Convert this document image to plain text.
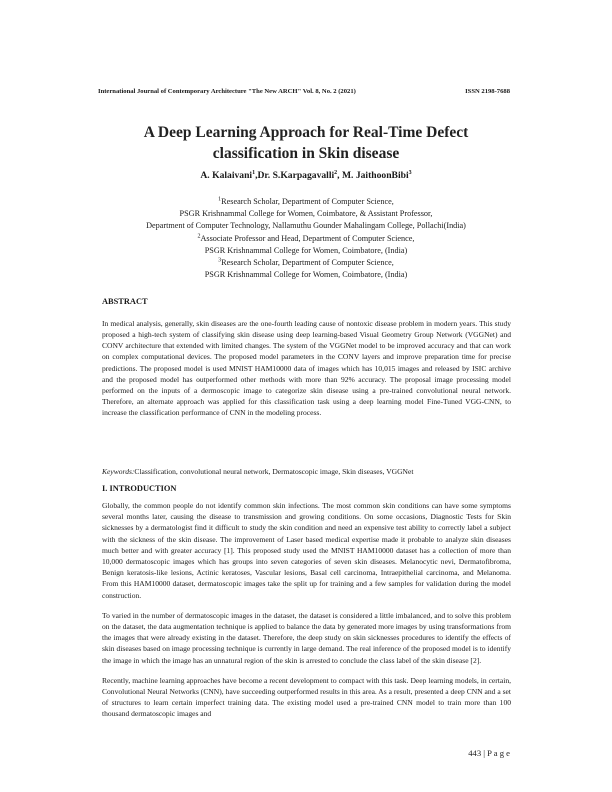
International Journal of Contemporary Architecture "The New ARCH" Vol. 8, No. 2 (2021)	ISSN 2198-7688
A Deep Learning Approach for Real-Time Defect
classification in Skin disease
A. Kalaivani$^1$,Dr. S.Karpagavalli$^2$, M. JaithoonBibi$^3$
$^1$Research Scholar, Department of Computer Science,
PSGR Krishnammal College for Women, Coimbatore, & Assistant Professor,
Department of Computer Technology, Nallamuthu Gounder Mahalingam College, Pollachi(India)
$^2$Associate Professor and Head, Department of Computer Science,
PSGR Krishnammal College for Women, Coimbatore, (India)
$^3$Research Scholar, Department of Computer Science,
PSGR Krishnammal College for Women, Coimbatore, (India)
ABSTRACT
In medical analysis, generally, skin diseases are the one-fourth leading cause of nontoxic disease problem in modern years. This study proposed a high-tech system of classifying skin disease using deep learning-based Visual Geometry Group Network (VGGNet) and CONV architecture that extended with limited changes. The system of the VGGNet model to be improved accuracy and that can work on complex computational devices. The proposed model parameters in the CONV layers and improve preparation time for precise predictions. The proposed model is used MNIST HAM10000 data of images which has 10,015 images and released by ISIC archive and the proposed model has outperformed other methods with more than 92% accuracy. The proposal image processing model performed on the inputs of a dermoscopic image to categorize skin disease using a pre-trained convolutional neural network. Therefore, an alternate approach was applied for this classification task using a deep learning model Fine-Tuned VGG-CNN, to increase the classification performance of CNN in the modeling process.
Keywords:Classification, convolutional neural network, Dermatoscopic image, Skin diseases, VGGNet
I. INTRODUCTION

Globally, the common people do not identify common skin infections. The most common skin conditions can have some symptoms several months later, causing the disease to transmission and growing conditions. On some occasions, Diagnostic Tests for Skin sicknesses by a dermatologist find it difficult to study the skin condition and need an expensive test ability to correctly label a subject with the sickness of the skin disease. The improvement of Laser based medical expertise made it probable to analyze skin diseases much better and with greater accuracy [1]. This proposed study used the MNIST HAM10000 dataset has a collection of more than 10,000 dermatoscopic images which has groups into seven categories of seven skin diseases. Melanocytic nevi, Dermatofibroma, Benign keratosis-like lesions, Actinic keratoses, Vascular lesions, Basal cell carcinoma, Intraepithelial carcinoma, and Melanoma. From this HAM10000 dataset, dermatoscopic images take the split up for training and a few samples for validation during the model construction.

To varied in the number of dermatoscopic images in the dataset, the dataset is considered a little imbalanced, and to solve this problem on the dataset, the data augmentation technique is applied to balance the data by generated more images by using transformations from the images that were already existing in the dataset. Therefore, the deep study on skin sicknesses procedures to identify the effects of skin diseases based on image processing technique is currently in large demand. The real inference of the proposed model is to identify the image in which the image has an unnatural region of the skin is arrested to conclude the class label of the skin disease [2].

Recently, machine learning approaches have become a recent development to compact with this task. Deep learning models, in certain, Convolutional Neural Networks (CNN), have succeeding outperformed results in this area. As a result, presented a deep CNN and a set of structures to learn certain imperfect training data. The existing model used a pre-trained CNN model to train more than 100 thousand dermatoscopic images and

443 | P a g e
